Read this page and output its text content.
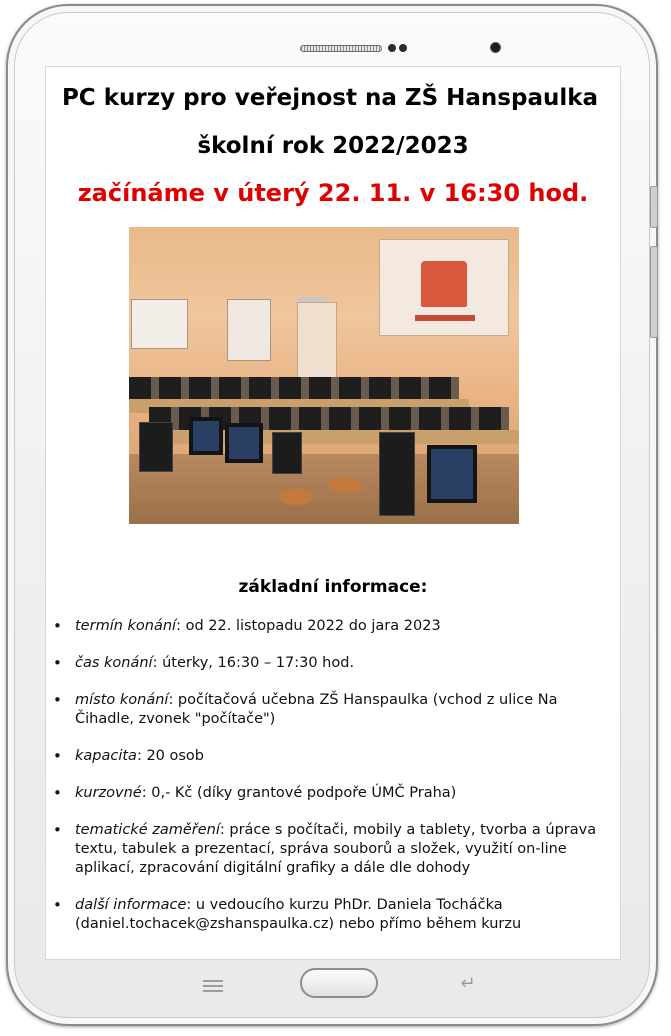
PC kurzy pro veřejnost na ZŠ Hanspaulka
školní rok 2022/2023
začínáme v úterý 22. 11. v 16:30 hod.
základní informace:
• termín konání: od 22. listopadu 2022 do jara 2023
• čas konání: úterky, 16:30 – 17:30 hod.
• místo konání: počítačová učebna ZŠ Hanspaulka (vchod z ulice Na Čihadle, zvonek "počítače")
• kapacita: 20 osob
• kurzovné: 0,- Kč (díky grantové podpoře ÚMČ Praha)
• tematické zaměření: práce s počítači, mobily a tablety, tvorba a úprava textu, tabulek a prezentací, správa souborů a složek, využití on-line aplikací, zpracování digitální grafiky a dále dle dohody
• další informace: u vedoucího kurzu PhDr. Daniela Tocháčka (daniel.tochacek@zshanspaulka.cz) nebo přímo během kurzu
↵
